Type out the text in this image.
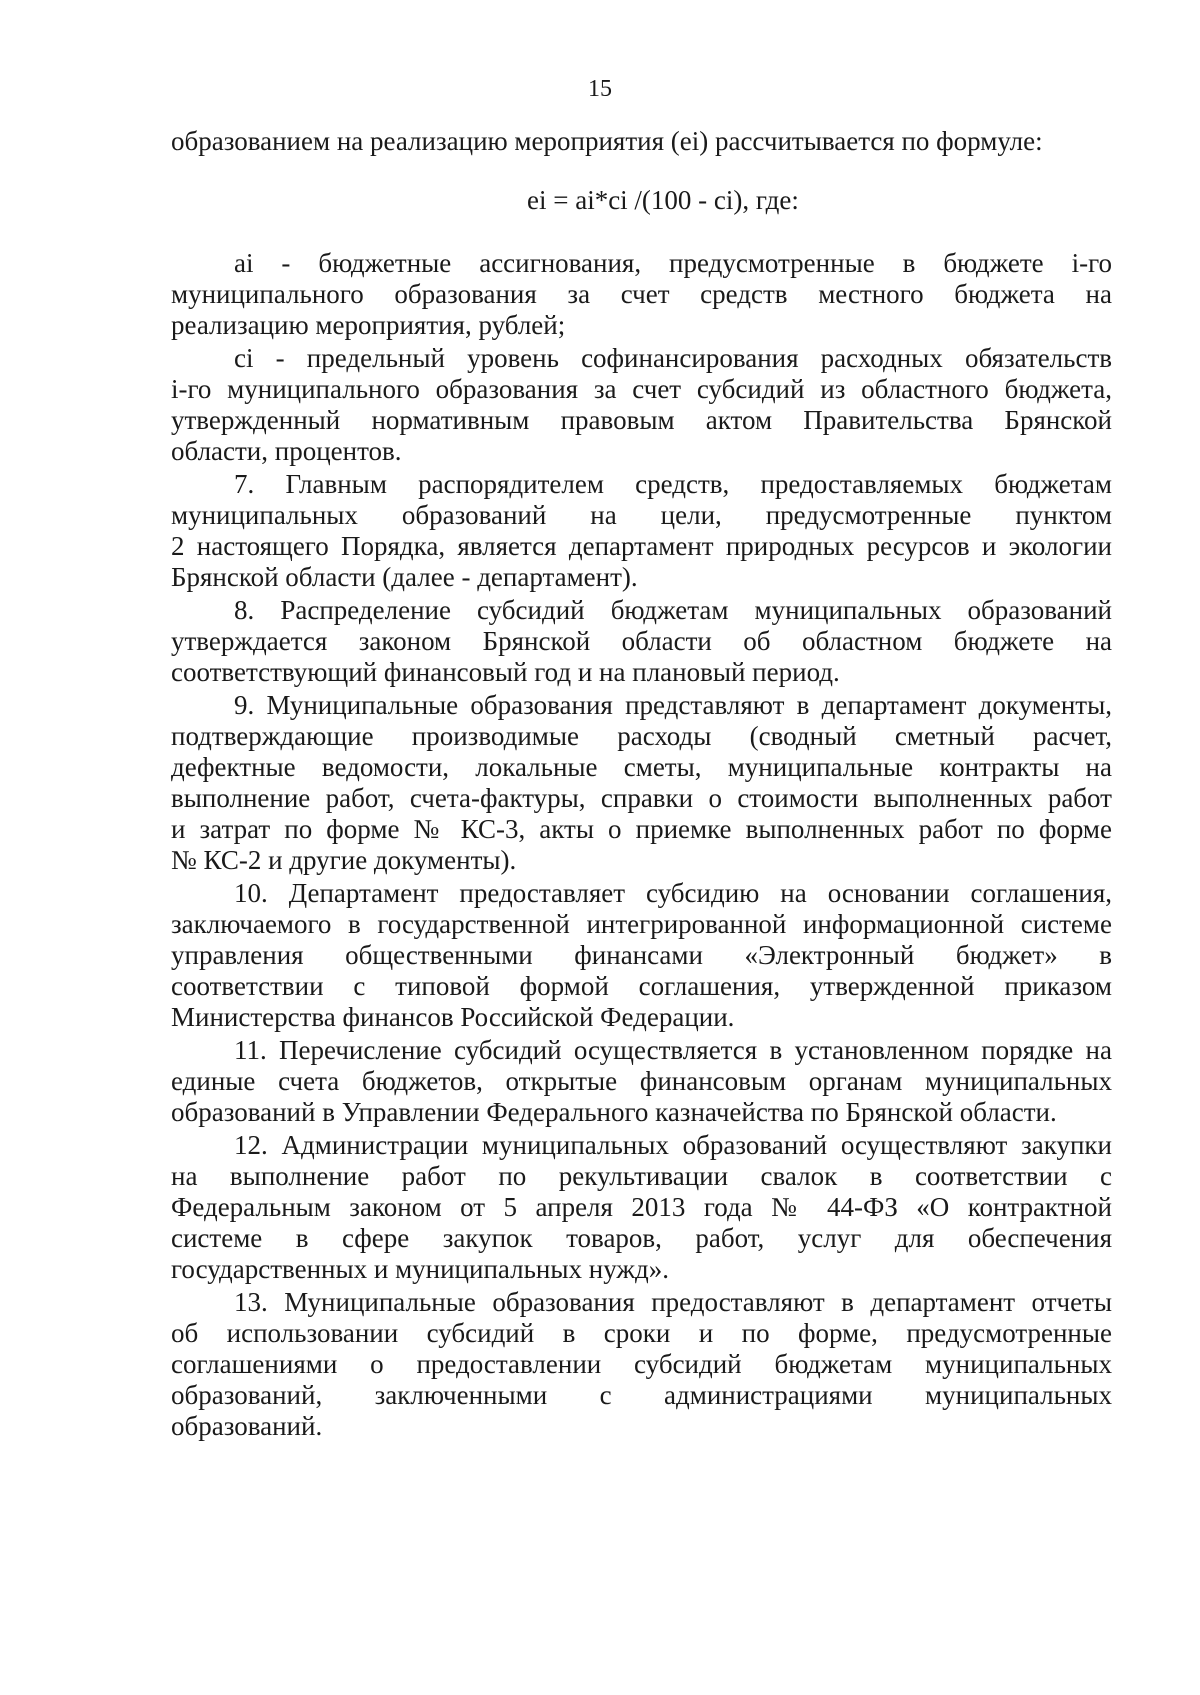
15
образованием на реализацию мероприятия (ei) рассчитывается по формуле:
ei = ai*ci /(100 - ci), где:
ai - бюджетные ассигнования, предусмотренные в бюджете i-го
муниципального образования за счет средств местного бюджета на
реализацию мероприятия, рублей;
ci - предельный уровень софинансирования расходных обязательств
i-го муниципального образования за счет субсидий из областного бюджета,
утвержденный нормативным правовым актом Правительства Брянской
области, процентов.
7. Главным распорядителем средств, предоставляемых бюджетам
муниципальных образований на цели, предусмотренные пунктом
2 настоящего Порядка, является департамент природных ресурсов и экологии
Брянской области (далее - департамент).
8. Распределение субсидий бюджетам муниципальных образований
утверждается законом Брянской области об областном бюджете на
соответствующий финансовый год и на плановый период.
9. Муниципальные образования представляют в департамент документы,
подтверждающие производимые расходы (сводный сметный расчет,
дефектные ведомости, локальные сметы, муниципальные контракты на
выполнение работ, счета-фактуры, справки о стоимости выполненных работ
и затрат по форме № КС-3, акты о приемке выполненных работ по форме
№ КС-2 и другие документы).
10. Департамент предоставляет субсидию на основании соглашения,
заключаемого в государственной интегрированной информационной системе
управления общественными финансами «Электронный бюджет» в
соответствии с типовой формой соглашения, утвержденной приказом
Министерства финансов Российской Федерации.
11. Перечисление субсидий осуществляется в установленном порядке на
единые счета бюджетов, открытые финансовым органам муниципальных
образований в Управлении Федерального казначейства по Брянской области.
12. Администрации муниципальных образований осуществляют закупки
на выполнение работ по рекультивации свалок в соответствии с
Федеральным законом от 5 апреля 2013 года № 44-ФЗ «О контрактной
системе в сфере закупок товаров, работ, услуг для обеспечения
государственных и муниципальных нужд».
13. Муниципальные образования предоставляют в департамент отчеты
об использовании субсидий в сроки и по форме, предусмотренные
соглашениями о предоставлении субсидий бюджетам муниципальных
образований, заключенными с администрациями муниципальных
образований.
